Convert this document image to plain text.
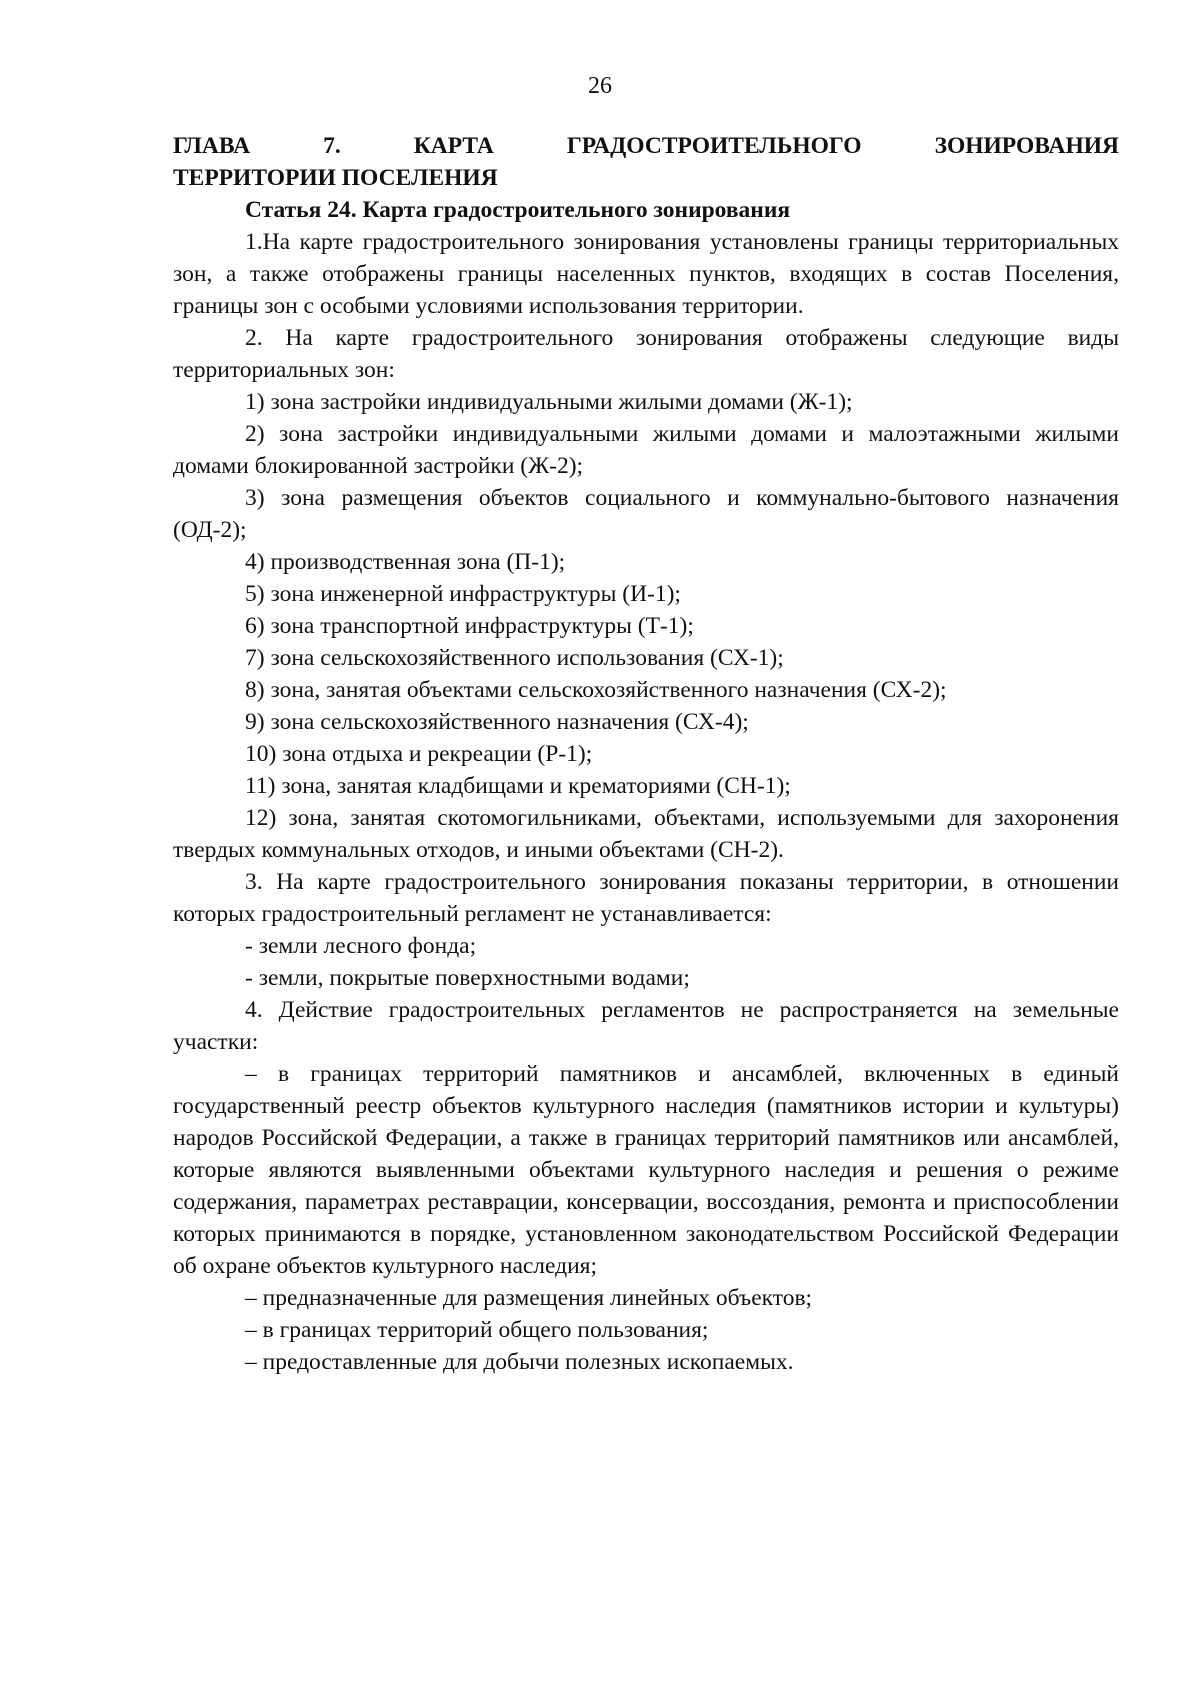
26

ГЛАВА 7. КАРТА ГРАДОСТРОИТЕЛЬНОГО ЗОНИРОВАНИЯ
ТЕРРИТОРИИ ПОСЕЛЕНИЯ

Статья 24. Карта градостроительного зонирования

1.На карте градостроительного зонирования установлены границы территориальных зон, а также отображены границы населенных пунктов, входящих в состав Поселения, границы зон с особыми условиями использования территории.

2. На карте градостроительного зонирования отображены следующие виды территориальных зон:

1) зона застройки индивидуальными жилыми домами (Ж-1);

2) зона застройки индивидуальными жилыми домами и малоэтажными жилыми домами блокированной застройки (Ж-2);

3) зона размещения объектов социального и коммунально-бытового назначения (ОД-2);

4) производственная зона (П-1);

5) зона инженерной инфраструктуры (И-1);

6) зона транспортной инфраструктуры (Т-1);

7) зона сельскохозяйственного использования (СХ-1);

8) зона, занятая объектами сельскохозяйственного назначения (СХ-2);

9) зона сельскохозяйственного назначения (СХ-4);

10) зона отдыха и рекреации (Р-1);

11) зона, занятая кладбищами и крематориями (СН-1);

12) зона, занятая скотомогильниками, объектами, используемыми для захоронения твердых коммунальных отходов, и иными объектами (СН-2).

3. На карте градостроительного зонирования показаны территории, в отношении которых градостроительный регламент не устанавливается:

- земли лесного фонда;

- земли, покрытые поверхностными водами;

4. Действие градостроительных регламентов не распространяется на земельные участки:

– в границах территорий памятников и ансамблей, включенных в единый государственный реестр объектов культурного наследия (памятников истории и культуры) народов Российской Федерации, а также в границах территорий памятников или ансамблей, которые являются выявленными объектами культурного наследия и решения о режиме содержания, параметрах реставрации, консервации, воссоздания, ремонта и приспособлении которых принимаются в порядке, установленном законодательством Российской Федерации об охране объектов культурного наследия;

– предназначенные для размещения линейных объектов;

– в границах территорий общего пользования;

– предоставленные для добычи полезных ископаемых.
